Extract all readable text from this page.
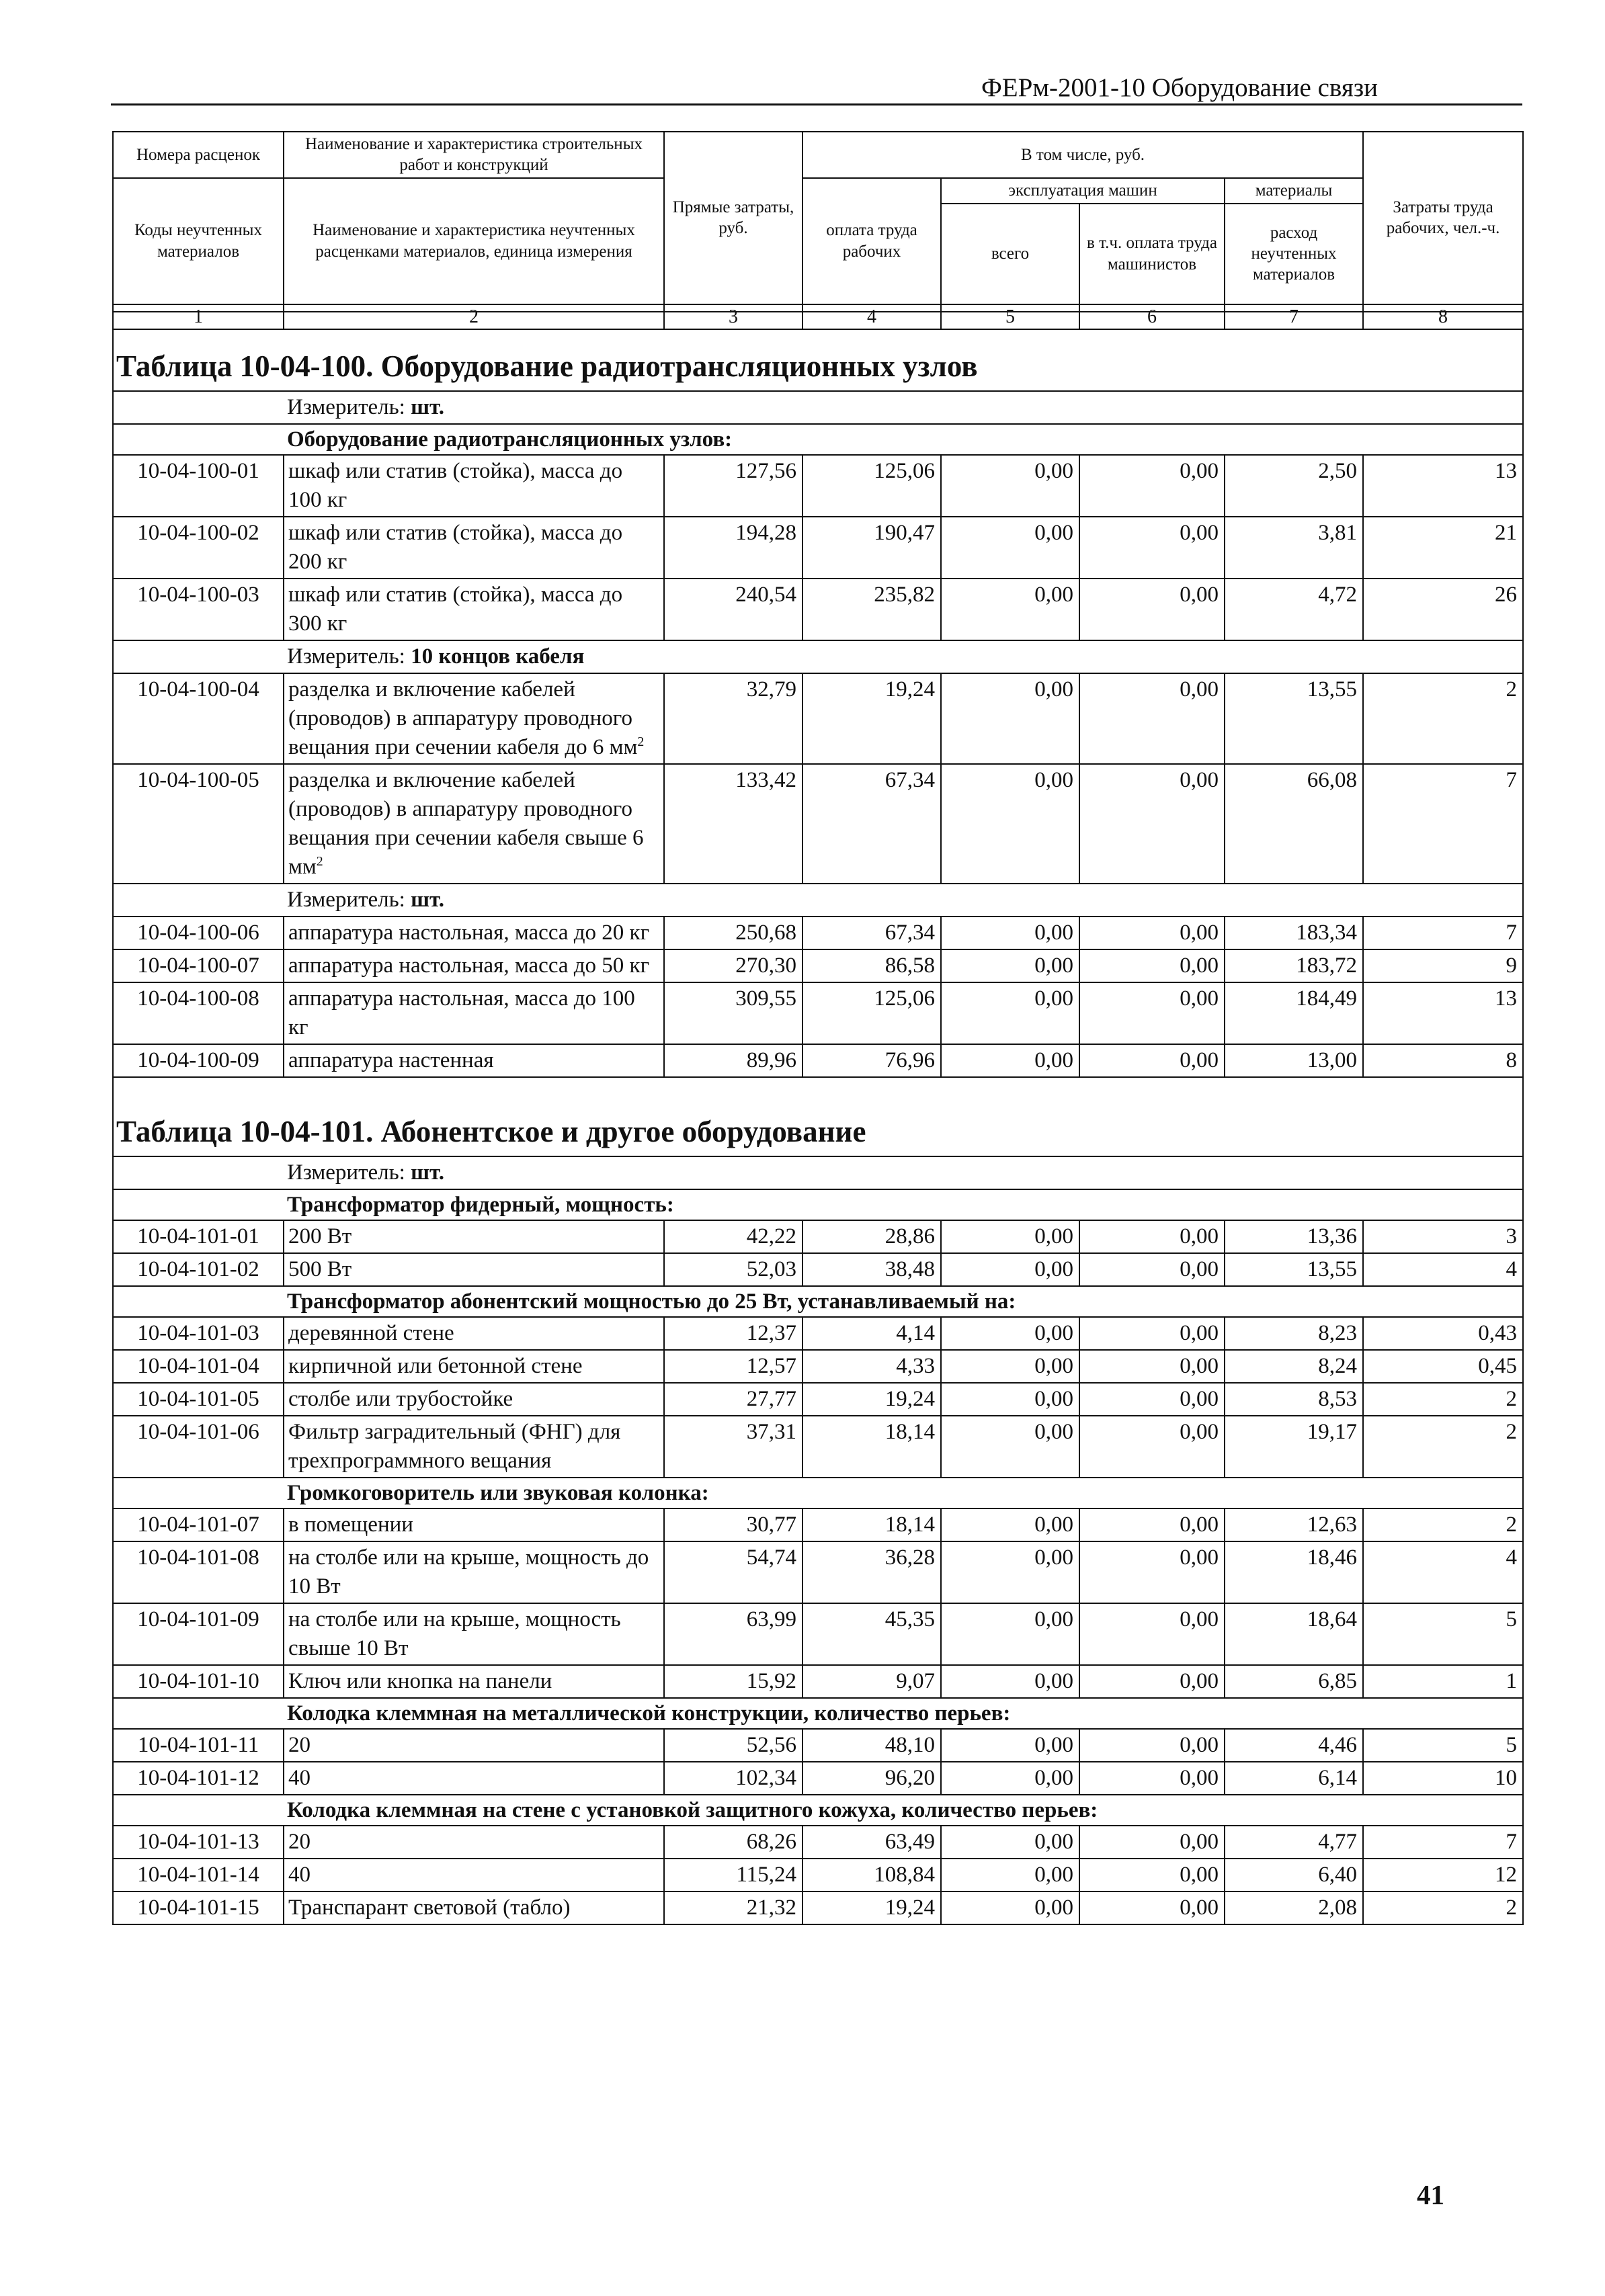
ФЕРм-2001-10 Оборудование связи
Номера расценок	Наименование и характеристика строительных работ и конструкций	Прямые затраты, руб.	В том числе, руб.				Затраты труда рабочих, чел.-ч.
Коды неучтенных материалов	Наименование и характеристика неучтенных расценками материалов, единица измерения		оплата труда рабочих	эксплуатация машин		материалы	
				всего	в т.ч. оплата труда машинистов	расход неучтенных материалов	
1	2	3	4	5	6	7	8
Таблица 10-04-100. Оборудование радиотрансляционных узлов							
Измеритель: шт.							
Оборудование радиотрансляционных узлов:							
10-04-100-01	шкаф или статив (стойка), масса до 100 кг	127,56	125,06	0,00	0,00	2,50	13
10-04-100-02	шкаф или статив (стойка), масса до 200 кг	194,28	190,47	0,00	0,00	3,81	21
10-04-100-03	шкаф или статив (стойка), масса до 300 кг	240,54	235,82	0,00	0,00	4,72	26
Измеритель: 10 концов кабеля							
10-04-100-04	разделка и включение кабелей (проводов) в аппаратуру проводного вещания при сечении кабеля до 6 $мм^2$	32,79	19,24	0,00	0,00	13,55	2
10-04-100-05	разделка и включение кабелей (проводов) в аппаратуру проводного вещания при сечении кабеля свыше 6 $мм^2$	133,42	67,34	0,00	0,00	66,08	7
Измеритель: шт.							
10-04-100-06	аппаратура настольная, масса до 20 кг	250,68	67,34	0,00	0,00	183,34	7
10-04-100-07	аппаратура настольная, масса до 50 кг	270,30	86,58	0,00	0,00	183,72	9
10-04-100-08	аппаратура настольная, масса до 100 кг	309,55	125,06	0,00	0,00	184,49	13
10-04-100-09	аппаратура настенная	89,96	76,96	0,00	0,00	13,00	8
Таблица 10-04-101. Абонентское и другое оборудование							
Измеритель: шт.							
Трансформатор фидерный, мощность:							
10-04-101-01	200 Вт	42,22	28,86	0,00	0,00	13,36	3
10-04-101-02	500 Вт	52,03	38,48	0,00	0,00	13,55	4
Трансформатор абонентский мощностью до 25 Вт, устанавливаемый на:							
10-04-101-03	деревянной стене	12,37	4,14	0,00	0,00	8,23	0,43
10-04-101-04	кирпичной или бетонной стене	12,57	4,33	0,00	0,00	8,24	0,45
10-04-101-05	столбе или трубостойке	27,77	19,24	0,00	0,00	8,53	2
10-04-101-06	Фильтр заградительный (ФНГ) для трехпрограммного вещания	37,31	18,14	0,00	0,00	19,17	2
Громкоговоритель или звуковая колонка:							
10-04-101-07	в помещении	30,77	18,14	0,00	0,00	12,63	2
10-04-101-08	на столбе или на крыше, мощность до 10 Вт	54,74	36,28	0,00	0,00	18,46	4
10-04-101-09	на столбе или на крыше, мощность свыше 10 Вт	63,99	45,35	0,00	0,00	18,64	5
10-04-101-10	Ключ или кнопка на панели	15,92	9,07	0,00	0,00	6,85	1
Колодка клеммная на металлической конструкции, количество перьев:							
10-04-101-11	20	52,56	48,10	0,00	0,00	4,46	5
10-04-101-12	40	102,34	96,20	0,00	0,00	6,14	10
Колодка клеммная на стене с установкой защитного кожуха, количество перьев:							
10-04-101-13	20	68,26	63,49	0,00	0,00	4,77	7
10-04-101-14	40	115,24	108,84	0,00	0,00	6,40	12
10-04-101-15	Транспарант световой (табло)	21,32	19,24	0,00	0,00	2,08	2
41
